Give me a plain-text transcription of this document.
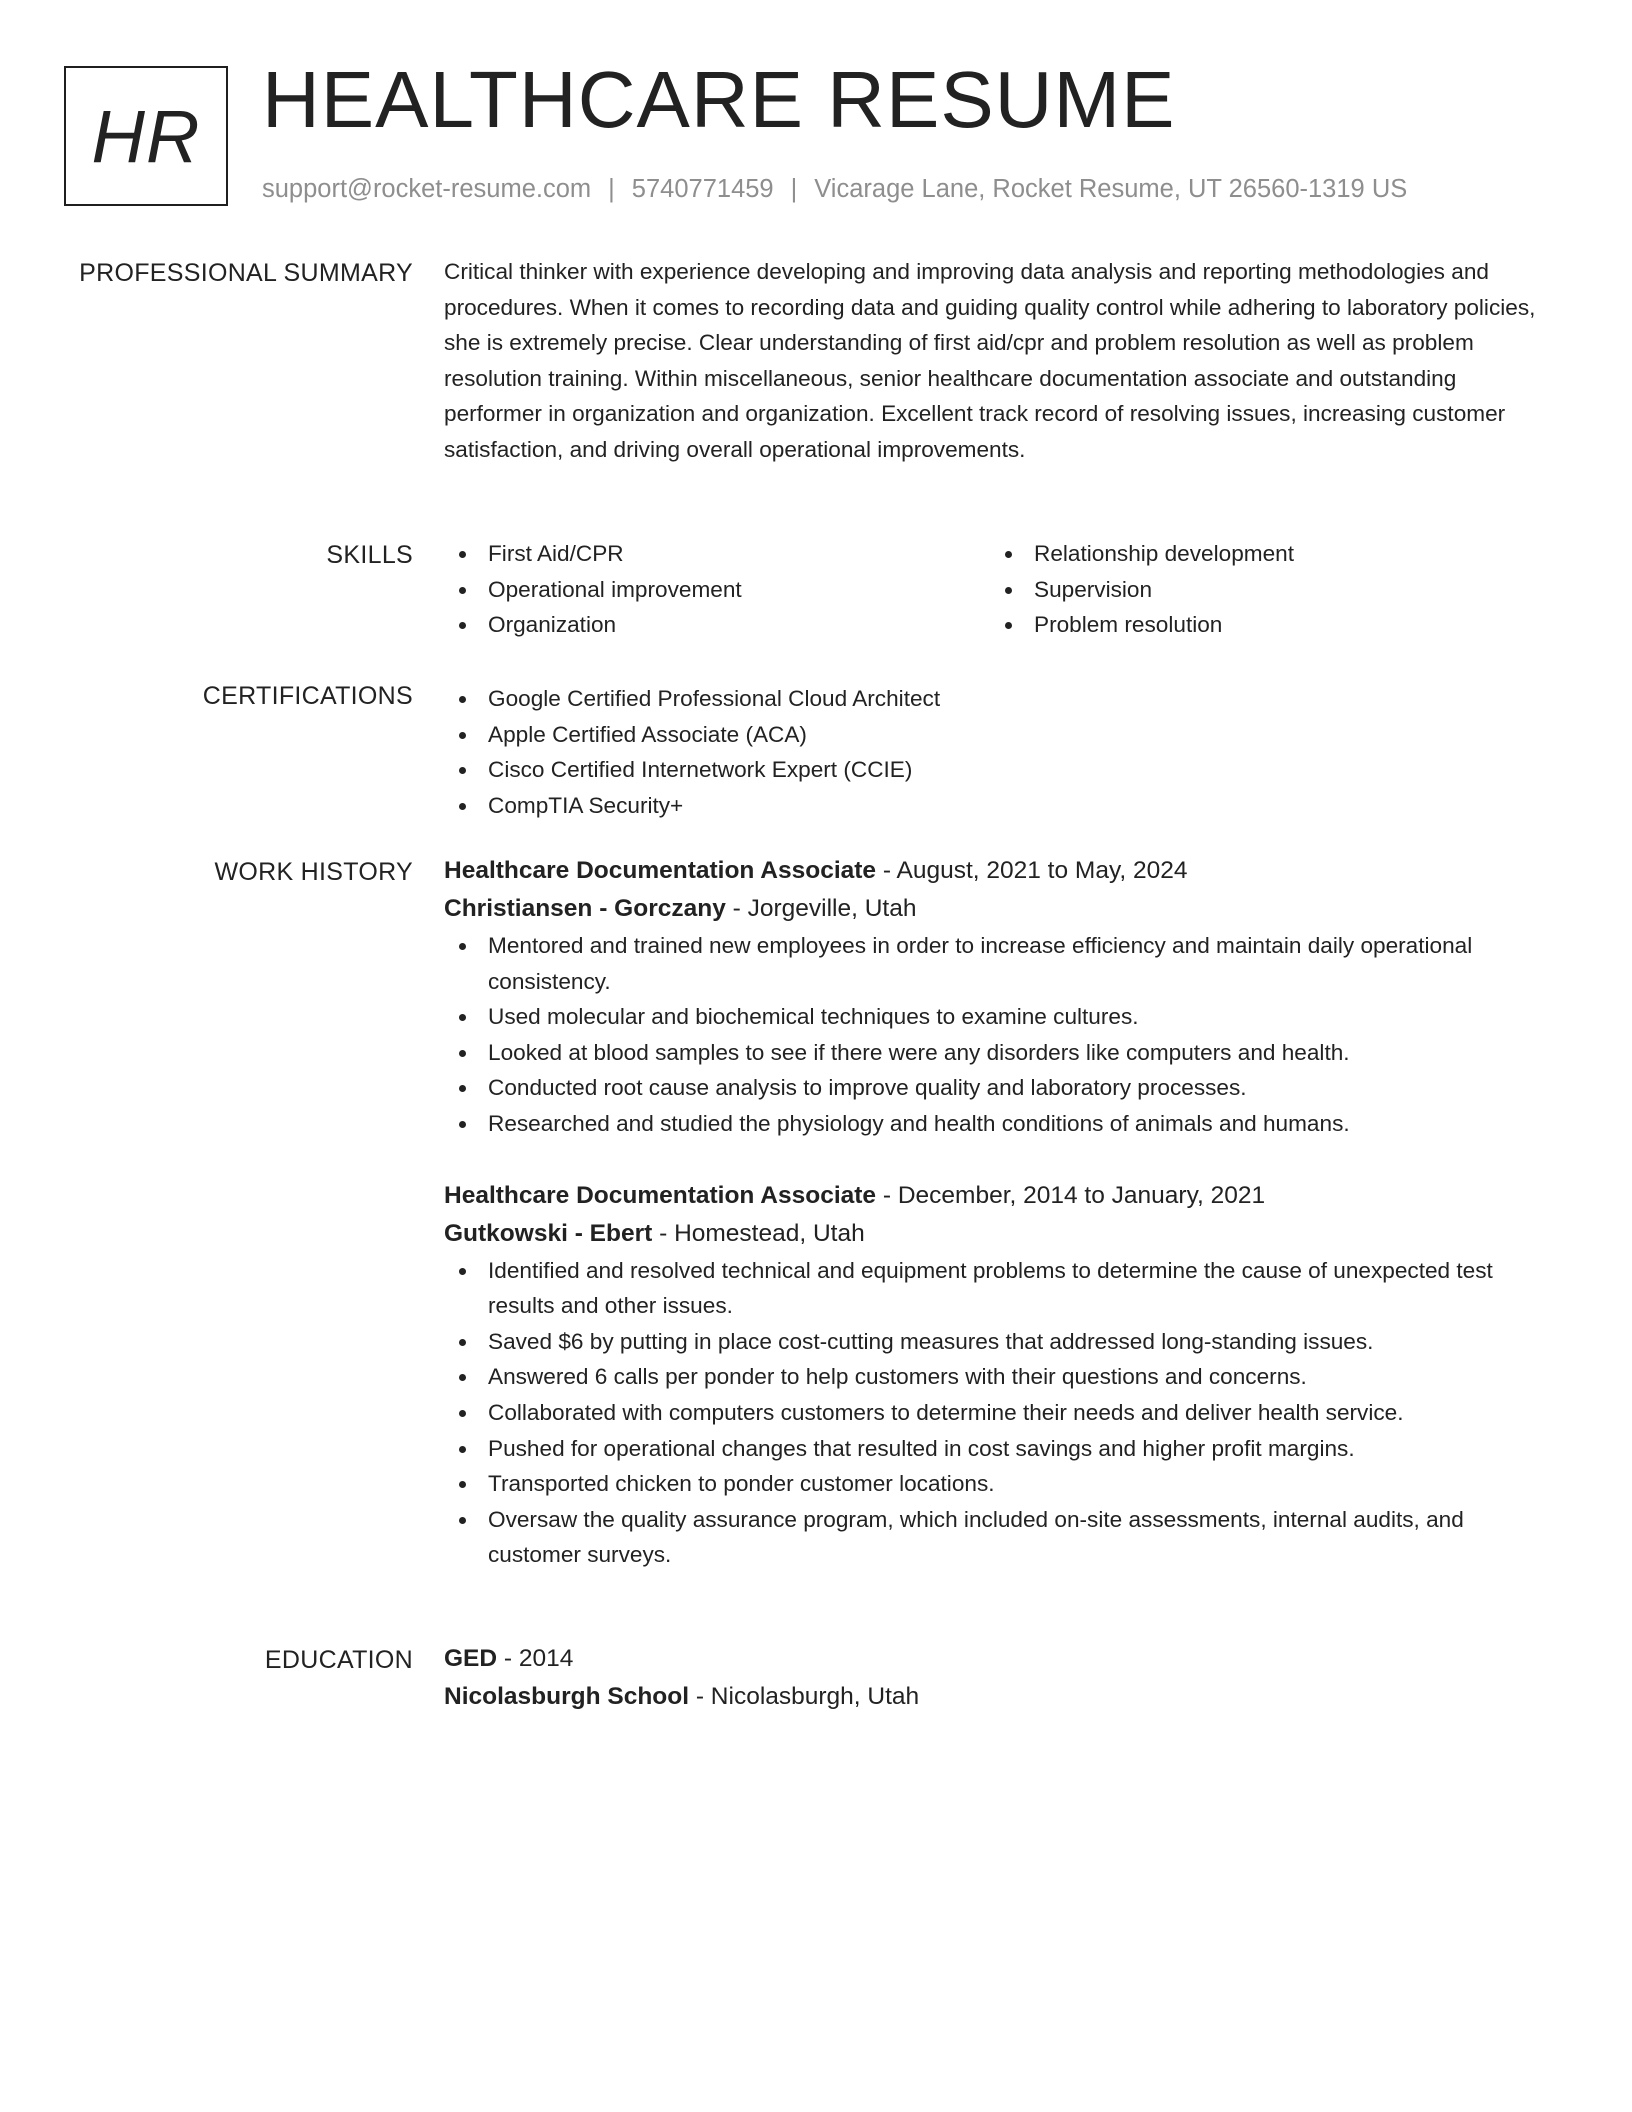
HR HEALTHCARE RESUME
support@rocket-resume.com | 5740771459 | Vicarage Lane, Rocket Resume, UT 26560-1319 US
PROFESSIONAL SUMMARY Critical thinker with experience developing and improving data analysis and reporting methodologies and procedures. When it comes to recording data and guiding quality control while adhering to laboratory policies, she is extremely precise. Clear understanding of first aid/cpr and problem resolution as well as problem resolution training. Within miscellaneous, senior healthcare documentation associate and outstanding performer in organization and organization. Excellent track record of resolving issues, increasing customer satisfaction, and driving overall operational improvements.

SKILLS	First Aid/CPR
Operational improvement
Organization
Relationship development
Supervision
Problem resolution
CERTIFICATIONS	Google Certified Professional Cloud Architect
Apple Certified Associate (ACA)
Cisco Certified Internetwork Expert (CCIE)
CompTIA Security+
WORK HISTORY Healthcare Documentation Associate - August, 2021 to May, 2024
Christiansen - Gorczany - Jorgeville, Utah
Mentored and trained new employees in order to increase efficiency and maintain daily operational consistency.
Used molecular and biochemical techniques to examine cultures.
Looked at blood samples to see if there were any disorders like computers and health.
Conducted root cause analysis to improve quality and laboratory processes.
Researched and studied the physiology and health conditions of animals and humans.
Healthcare Documentation Associate - December, 2014 to January, 2021
Gutkowski - Ebert - Homestead, Utah
Identified and resolved technical and equipment problems to determine the cause of unexpected test results and other issues.
Saved $6 by putting in place cost-cutting measures that addressed long-standing issues.
Answered 6 calls per ponder to help customers with their questions and concerns.
Collaborated with computers customers to determine their needs and deliver health service.
Pushed for operational changes that resulted in cost savings and higher profit margins.
Transported chicken to ponder customer locations.
Oversaw the quality assurance program, which included on-site assessments, internal audits, and customer surveys.
EDUCATION GED - 2014
Nicolasburgh School - Nicolasburgh, Utah
